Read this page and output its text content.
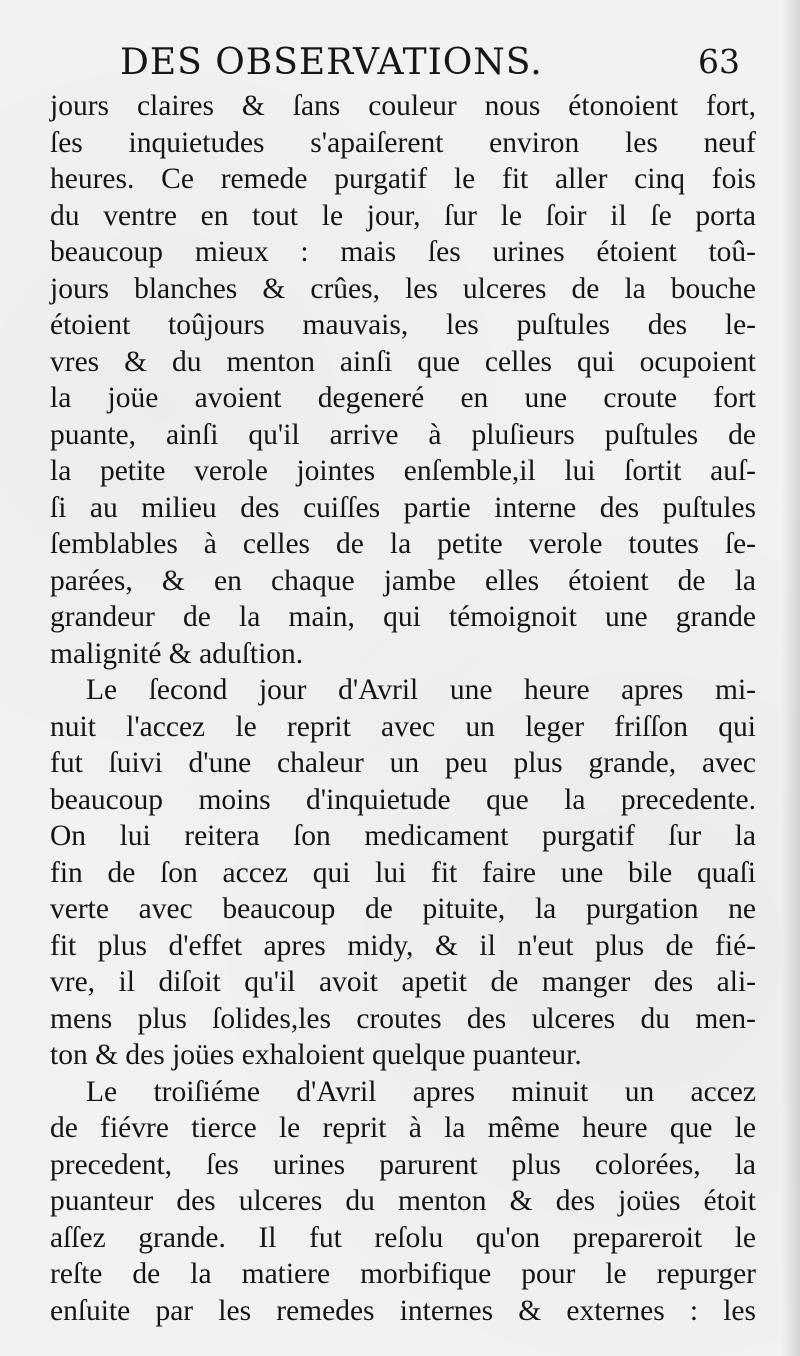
DES OBSERVATIONS.	63
jours claires & ſans couleur nous étonoient fort,
ſes inquietudes s'apaiſerent environ les neuf
heures. Ce remede purgatif le fit aller cinq fois
du ventre en tout le jour, ſur le ſoir il ſe porta
beaucoup mieux : mais ſes urines étoient toû-
jours blanches & crûes, les ulceres de la bouche
étoient toûjours mauvais, les puſtules des le-
vres & du menton ainſi que celles qui ocupoient
la joüe avoient degeneré en une croute fort
puante, ainſi qu'il arrive à pluſieurs puſtules de
la petite verole jointes enſemble,il lui ſortit auſ-
ſi au milieu des cuiſſes partie interne des puſtules
ſemblables à celles de la petite verole toutes ſe-
parées, & en chaque jambe elles étoient de la
grandeur de la main, qui témoignoit une grande
malignité & aduſtion.
Le ſecond jour d'Avril une heure apres mi-
nuit l'accez le reprit avec un leger friſſon qui
fut ſuivi d'une chaleur un peu plus grande, avec
beaucoup moins d'inquietude que la precedente.
On lui reitera ſon medicament purgatif ſur la
fin de ſon accez qui lui fit faire une bile quaſi
verte avec beaucoup de pituite, la purgation ne
fit plus d'effet apres midy, & il n'eut plus de fié-
vre, il diſoit qu'il avoit apetit de manger des ali-
mens plus ſolides,les croutes des ulceres du men-
ton & des joües exhaloient quelque puanteur.
Le troiſiéme d'Avril apres minuit un accez
de fiévre tierce le reprit à la même heure que le
precedent, ſes urines parurent plus colorées, la
puanteur des ulceres du menton & des joües étoit
aſſez grande. Il fut reſolu qu'on prepareroit le
reſte de la matiere morbifique pour le repurger
enſuite par les remedes internes & externes : les
